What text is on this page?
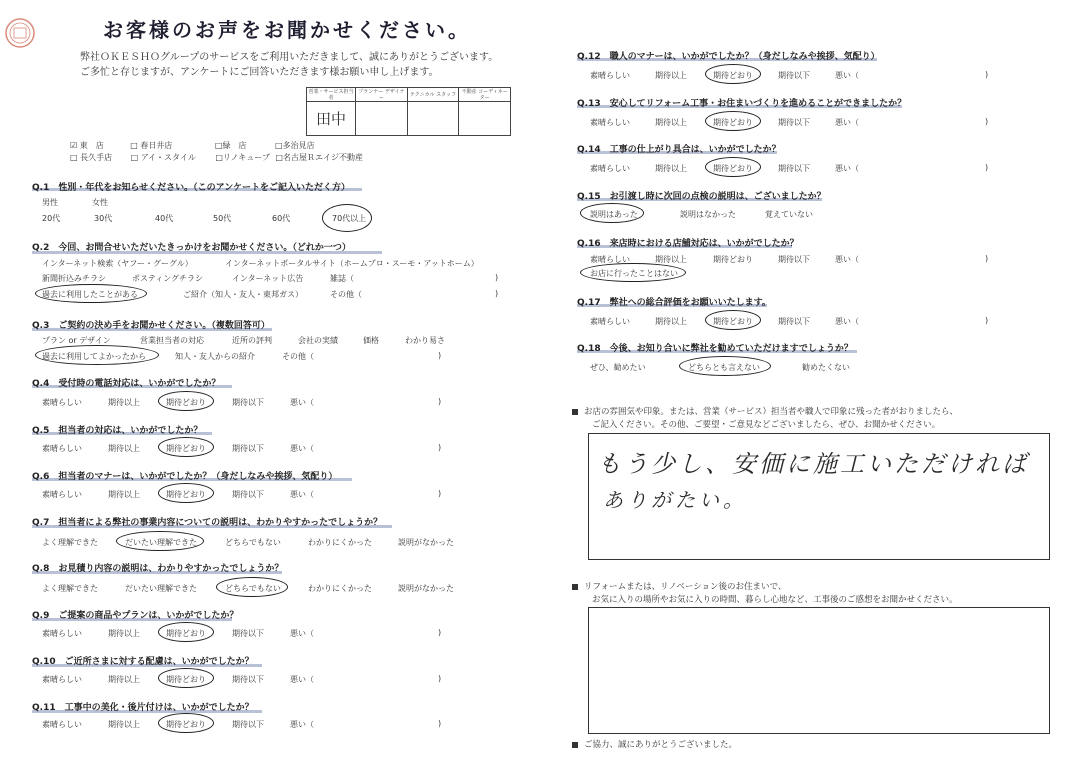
お客様のお声をお聞かせください。
弊社ＯＫＥＳＨＯグループのサービスをご利用いただきまして、誠にありがとうございます。
ご多忙と存じますが、アンケートにご回答いただきます様お願い申し上げます。
営業・サービス担当者	プランナー デザイナー	テクニカル スタッフ	不動産 コーディネーター
田中			
☑ 東　店	□ 春日井店	□緑　店	□多治見店
□ 長久手店 □ アイ・スタイル □リノキューブ □名古屋Ｒエイジ不動産
Q.1　性別・年代をお知らせください。（このアンケートをご記入いただく方）
男性	女性
20代	30代	40代	50代	60代	70代以上
Q.2　今回、お問合せいただいたきっかけをお聞かせください。（どれか一つ）
インターネット検索（ヤフー・グーグル）	インターネットポータルサイト（ホームプロ・スーモ・アットホーム）
新聞折込みチラシ	ポスティングチラシ	インターネット広告	雑誌（	)
過去に利用したことがある	ご紹介（知人・友人・東邦ガス）	その他（	)
Q.3　ご契約の決め手をお聞かせください。（複数回答可）
プラン or デザイン	営業担当者の対応	近所の評判	会社の実績	価格	わかり易さ
過去に利用してよかったから	知人・友人からの紹介	その他（	)
Q.4　受付時の電話対応は、いかがでしたか？
素晴らしい	期待以上	期待どおり	期待以下	悪い（	)
Q.5　担当者の対応は、いかがでしたか？
素晴らしい	期待以上	期待どおり	期待以下	悪い（	)
Q.6　担当者のマナーは、いかがでしたか？（身だしなみや挨拶、気配り）
素晴らしい	期待以上	期待どおり	期待以下	悪い（	)
Q.7　担当者による弊社の事業内容についての説明は、わかりやすかったでしょうか？
よく理解できた	だいたい理解できた	どちらでもない	わかりにくかった	説明がなかった
Q.8　お見積り内容の説明は、わかりやすかったでしょうか？
よく理解できた	だいたい理解できた	どちらでもない	わかりにくかった	説明がなかった
Q.9　ご提案の商品やプランは、いかがでしたか？
素晴らしい	期待以上	期待どおり	期待以下	悪い（	)
Q.10　ご近所さまに対する配慮は、いかがでしたか？
素晴らしい	期待以上	期待どおり	期待以下	悪い（	)
Q.11　工事中の美化・後片付けは、いかがでしたか？
素晴らしい	期待以上	期待どおり	期待以下	悪い（	)
Q.12　職人のマナーは、いかがでしたか？（身だしなみや挨拶、気配り）
素晴らしい	期待以上	期待どおり	期待以下	悪い（	)
Q.13　安心してリフォーム工事・お住まいづくりを進めることができましたか？
素晴らしい	期待以上	期待どおり	期待以下	悪い（	)
Q.14　工事の仕上がり具合は、いかがでしたか？
素晴らしい	期待以上	期待どおり	期待以下	悪い（	)
Q.15　お引渡し時に次回の点検の説明は、ございましたか？
説明はあった	説明はなかった	覚えていない
Q.16　来店時における店舗対応は、いかがでしたか？
素晴らしい	期待以上	期待どおり	期待以下	悪い（	)
お店に行ったことはない
Q.17　弊社への総合評価をお願いいたします。
素晴らしい	期待以上	期待どおり	期待以下	悪い（	)
Q.18　今後、お知り合いに弊社を勧めていただけますでしょうか？
ぜひ、勧めたい	どちらとも言えない	勧めたくない
お店の雰囲気や印象。または、営業（サービス）担当者や職人で印象に残った者がおりましたら、
ご記入ください。その他、ご要望・ご意見などございましたら、ぜひ、お聞かせください。
もう少し、安価に施工いただければ
ありがたい。
リフォームまたは、リノベーション後のお住まいで、
お気に入りの場所やお気に入りの時間、暮らし心地など、工事後のご感想をお聞かせください。
ご協力、誠にありがとうございました。
